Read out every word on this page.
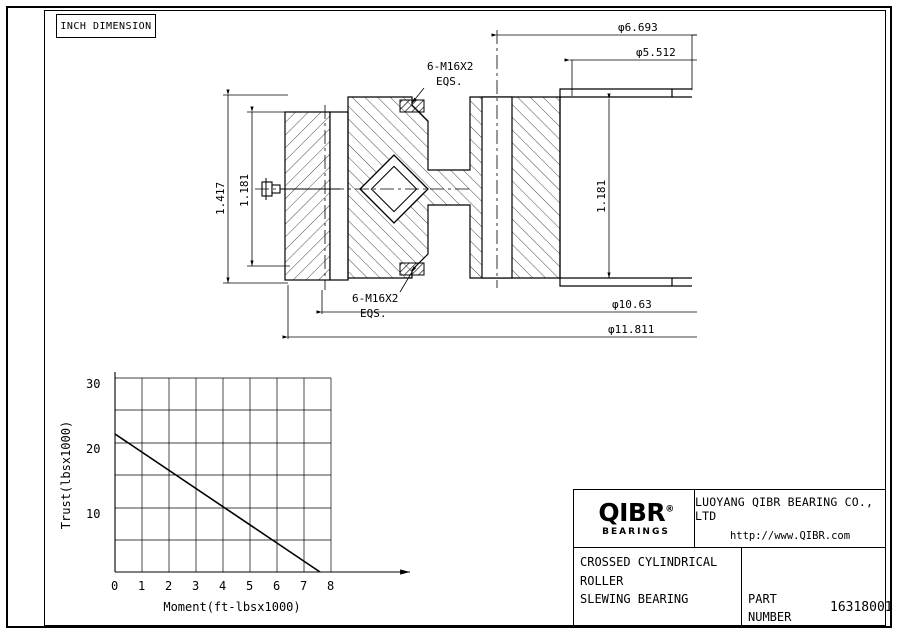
INCH DIMENSION	φ6.693
φ5.512
6-M16X2
EQS.
1.417 1.181	1.181
6-M16X2
EQS.
φ10.63
φ11.811
30
20
10
0 1 2 3 4 5 6 7 8
Trust(lbsx1000)
Moment(ft-lbsx1000)
QIBR®
BEARINGS
LUOYANG QIBR BEARING CO., LTD
http://www.QIBR.com
CROSSED CYLINDRICAL
ROLLER
SLEWING BEARING	PART
NUMBER
16318001
